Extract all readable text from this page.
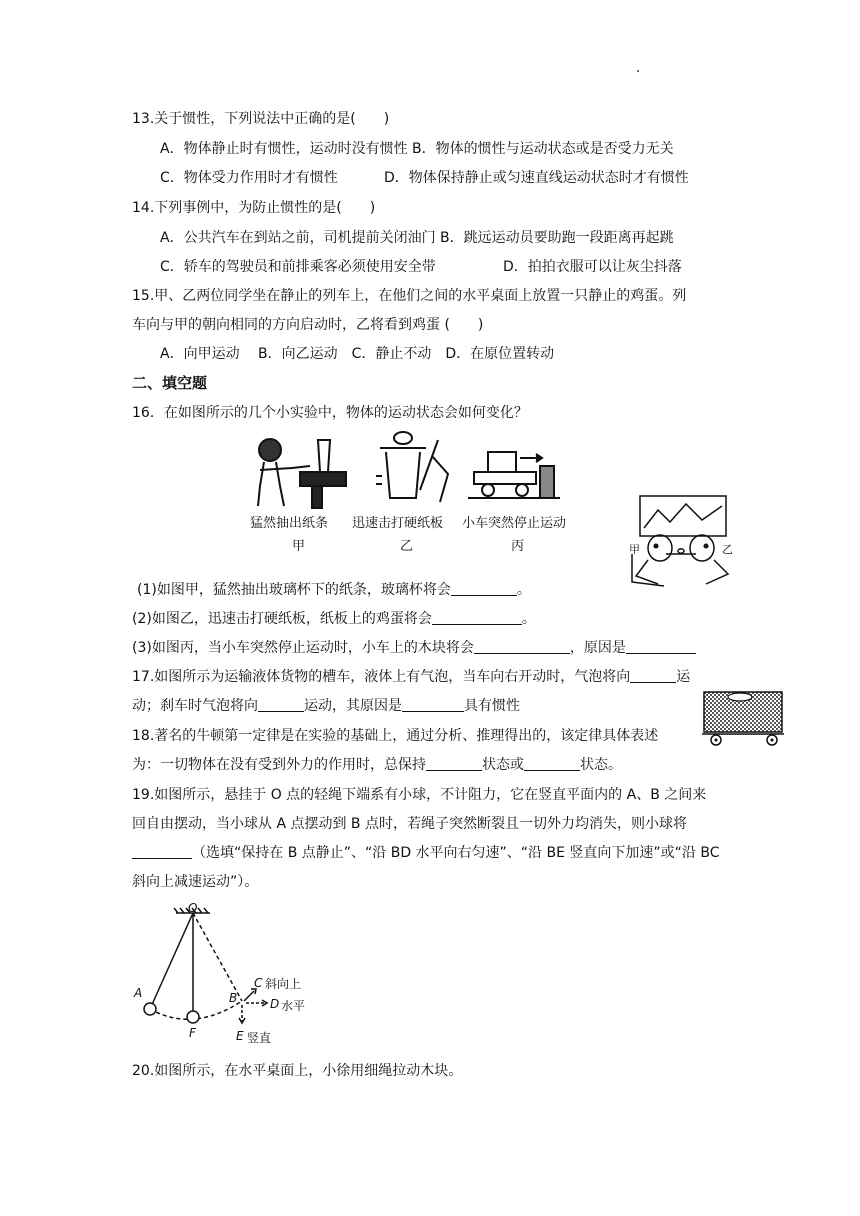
13.关于惯性，下列说法中正确的是(　　)
A．物体静止时有惯性，运动时没有惯性 B．物体的惯性与运动状态或是否受力无关
C．物体受力作用时才有惯性	D．物体保持静止或匀速直线运动状态时才有惯性
14.下列事例中，为防止惯性的是(　　)
A．公共汽车在到站之前，司机提前关闭油门 B．跳远运动员要助跑一段距离再起跳
C．轿车的驾驶员和前排乘客必须使用安全带	D．拍拍衣服可以让灰尘抖落
15.甲、乙两位同学坐在静止的列车上，在他们之间的水平桌面上放置一只静止的鸡蛋。列
车向与甲的朝向相同的方向启动时，乙将看到鸡蛋 (　　)
A．向甲运动　 B．向乙运动　C．静止不动　D．在原位置转动
二、填空题
16．在如图所示的几个小实验中，物体的运动状态会如何变化？
猛然抽出纸条 迅速击打硬纸板 小车突然停止运动
甲	乙	丙	甲	乙
(1)如图甲，猛然抽出玻璃杯下的纸条，玻璃杯将会	。
(2)如图乙，迅速击打硬纸板，纸板上的鸡蛋将会	。
(3)如图丙，当小车突然停止运动时，小车上的木块将会	，原因是
17.如图所示为运输液体货物的槽车，液体上有气泡，当车向右开动时，气泡将向	运
动；刹车时气泡将向	运动，其原因是	具有惯性
18.著名的牛顿第一定律是在实验的基础上，通过分析、推理得出的，该定律具体表述
为：一切物体在没有受到外力的作用时，总保持	状态或	状态。
19.如图所示，悬挂于 O 点的轻绳下端系有小球，不计阻力，它在竖直平面内的 A、B 之间来
回自由摆动，当小球从 A 点摆动到 B 点时，若绳子突然断裂且一切外力均消失，则小球将
（选填“保持在 B 点静止”、“沿 BD 水平向右匀速”、“沿 BE 竖直向下加速”或“沿 BC
斜向上减速运动”）。
O
A	B
F
C 斜向上
D 水平
E 竖直
20.如图所示，在水平桌面上，小徐用细绳拉动木块。
